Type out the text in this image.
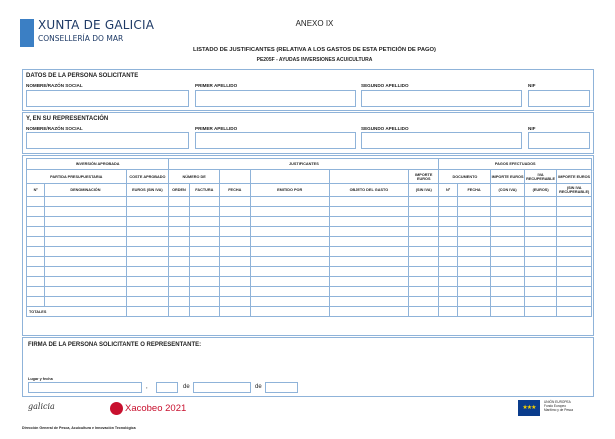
XUNTA DE GALICIA
CONSELLERÍA DO MAR
ANEXO IX
LISTADO DE JUSTIFICANTES (RELATIVA A LOS GASTOS DE ESTA PETICIÓN DE PAGO)
PE205F - AYUDAS INVERSIONES ACUICULTURA
DATOS DE LA PERSONA SOLICITANTE
NOMBRE/RAZÓN SOCIAL	PRIMER APELLIDO	SEGUNDO APELLIDO	NIF
Y, EN SU REPRESENTACIÓN
NOMBRE/RAZÓN SOCIAL	PRIMER APELLIDO	SEGUNDO APELLIDO	NIF
INVERSIÓN APROBADA			JUSTIFICANTES						PAGOS EFECTUADOS				
PARTIDA PRESUPUESTARIA		COSTE APROBADO	NÚMERO DE					IMPORTE EUROS	DOCUMENTO		IMPORTE EUROS	IVA RECUPERABLE	IMPORTE EUROS
Nº	DENOMINACIÓN	EUROS (SIN IVA)	ORDEN	FACTURA	FECHA	EMITIDO POR	OBJETO DEL GASTO	(SIN IVA)	Nº	FECHA	(CON IVA)	(EUROS)	(SIN IVA RECUPERABLE)

TOTALES													
FIRMA DE LA PERSONA SOLICITANTE O REPRESENTANTE:
Lugar y fecha
,	de	de
galicia	Xacobeo 2021	★★★
UNIÓN EUROPEA
Fondo Europeo
Marítimo y de Pesca
Dirección General de Pesca, Acuicultura e Innovación Tecnológica
